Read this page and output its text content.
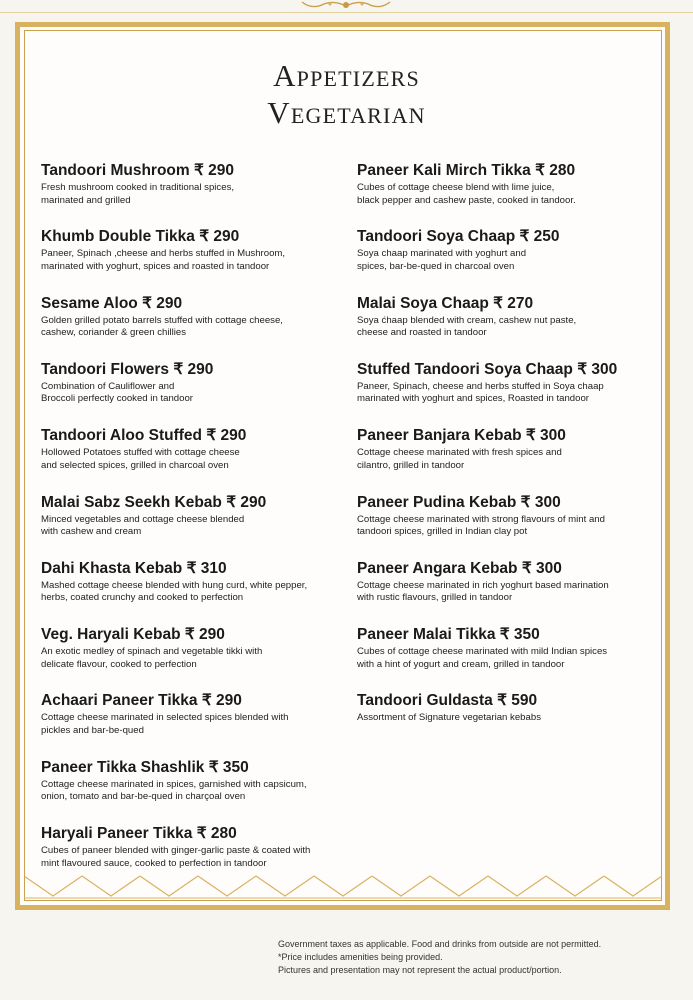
Appetizers
Vegetarian
Tandoori Mushroom ₹ 290
Fresh mushroom cooked in traditional spices,
marinated and grilled
Khumb Double Tikka ₹ 290
Paneer, Spinach ,cheese and herbs stuffed in Mushroom,
marinated with yoghurt, spices and roasted in tandoor
Sesame Aloo ₹ 290
Golden grilled potato barrels stuffed with cottage cheese,
cashew, coriander & green chillies
Tandoori Flowers ₹ 290
Combination of Cauliflower and
Broccoli perfectly cooked in tandoor
Tandoori Aloo Stuffed ₹ 290
Hollowed Potatoes stuffed with cottage cheese
and selected spices, grilled in charcoal oven
Malai Sabz Seekh Kebab ₹ 290
Minced vegetables and cottage cheese blended
with cashew and cream
Dahi Khasta Kebab ₹ 310
Mashed cottage cheese blended with hung curd, white pepper,
herbs, coated crunchy and cooked to perfection
Veg. Haryali Kebab ₹ 290
An exotic medley of spinach and vegetable tikki with
delicate flavour, cooked to perfection
Achaari Paneer Tikka ₹ 290
Cottage cheese marinated in selected spices blended with
pickles and bar-be-qued
Paneer Tikka Shashlik ₹ 350
Cottage cheese marinated in spices, garnished with capsicum,
onion, tomato and bar-be-qued in charçoal oven
Haryali Paneer Tikka ₹ 280
Cubes of paneer blended with ginger-garlic paste & coated with
mint flavoured sauce, cooked to perfection in tandoor
Paneer Kali Mirch Tikka ₹ 280
Cubes of cottage cheese blend with lime juice,
black pepper and cashew paste, cooked in tandoor.
Tandoori Soya Chaap ₹ 250
Soya chaap marinated with yoghurt and
spices, bar-be-qued in charcoal oven
Malai Soya Chaap ₹ 270
Soya ćhaap blended with cream, cashew nut paste,
cheese and roasted in tandoor
Stuffed Tandoori Soya Chaap ₹ 300
Paneer, Spinach, cheese and herbs stuffed in Soya chaap
marinated with yoghurt and spices, Roasted in tandoor
Paneer Banjara Kebab ₹ 300
Cottage cheese marinated with fresh spices and
cilantro, grilled in tandoor
Paneer Pudina Kebab ₹ 300
Cottage cheese marinated with strong flavours of mint and
tandoori spices, grilled in Indian clay pot
Paneer Angara Kebab ₹ 300
Cottage cheese marinated in rich yoghurt based marination
with rustic flavours, grilled in tandoor
Paneer Malai Tikka ₹ 350
Cubes of cottage cheese marinated with mild Indian spices
with a hint of yogurt and cream, grilled in tandoor
Tandoori Guldasta ₹ 590
Assortment of Signature vegetarian kebabs
Government taxes as applicable. Food and drinks from outside are not permitted.
*Price includes amenities being provided.
Pictures and presentation may not represent the actual product/portion.
